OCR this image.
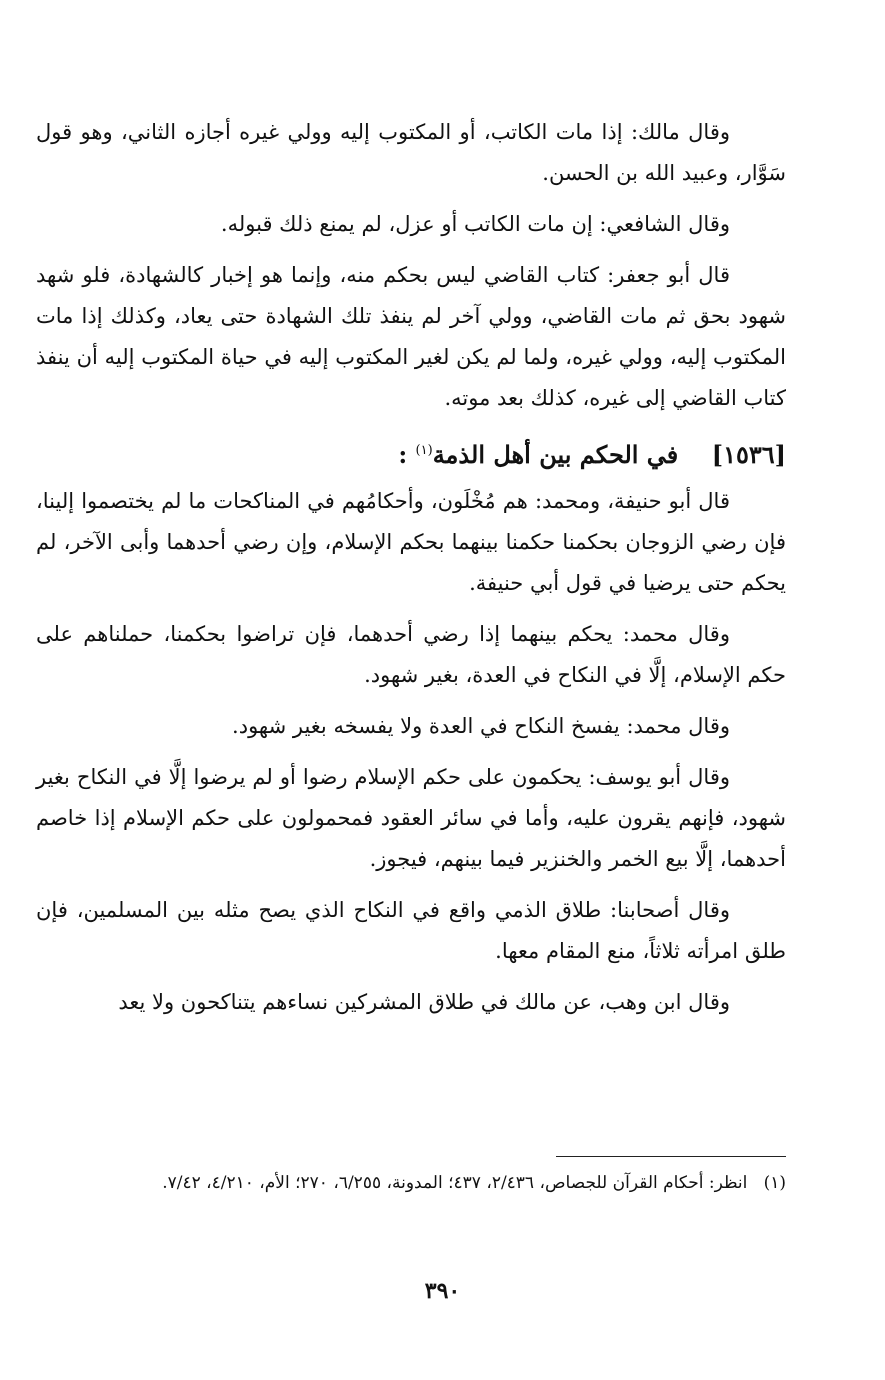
وقال مالك: إذا مات الكاتب، أو المكتوب إليه وولي غيره أجازه الثاني، وهو قول سَوَّار، وعبيد الله بن الحسن.

وقال الشافعي: إن مات الكاتب أو عزل، لم يمنع ذلك قبوله.

قال أبو جعفر: كتاب القاضي ليس بحكم منه، وإنما هو إخبار كالشهادة، فلو شهد شهود بحق ثم مات القاضي، وولي آخر لم ينفذ تلك الشهادة حتى يعاد، وكذلك إذا مات المكتوب إليه، وولي غيره، ولما لم يكن لغير المكتوب إليه في حياة المكتوب إليه أن ينفذ كتاب القاضي إلى غيره، كذلك بعد موته.

[١٥٣٦]    في الحكم بين أهل الذمة$^{(١)}$ :

قال أبو حنيفة، ومحمد: هم مُخْلَون، وأحكامُهم في المناكحات ما لم يختصموا إلينا، فإن رضي الزوجان بحكمنا حكمنا بينهما بحكم الإسلام، وإن رضي أحدهما وأبى الآخر، لم يحكم حتى يرضيا في قول أبي حنيفة.

وقال محمد: يحكم بينهما إذا رضي أحدهما، فإن تراضوا بحكمنا، حملناهم على حكم الإسلام، إلَّا في النكاح في العدة، بغير شهود.

وقال محمد: يفسخ النكاح في العدة ولا يفسخه بغير شهود.

وقال أبو يوسف: يحكمون على حكم الإسلام رضوا أو لم يرضوا إلَّا في النكاح بغير شهود، فإنهم يقرون عليه، وأما في سائر العقود فمحمولون على حكم الإسلام إذا خاصم أحدهما، إلَّا بيع الخمر والخنزير فيما بينهم، فيجوز.

وقال أصحابنا: طلاق الذمي واقع في النكاح الذي يصح مثله بين المسلمين، فإن طلق امرأته ثلاثاً، منع المقام معها.

وقال ابن وهب، عن مالك في طلاق المشركين نساءهم يتناكحون ولا يعد

(١)   انظر: أحكام القرآن للجصاص، ٢/٤٣٦، ٤٣٧؛ المدونة، ٦/٢٥٥، ٢٧٠؛ الأم، ٤/٢١٠، ٧/٤٢.
٣٩٠
